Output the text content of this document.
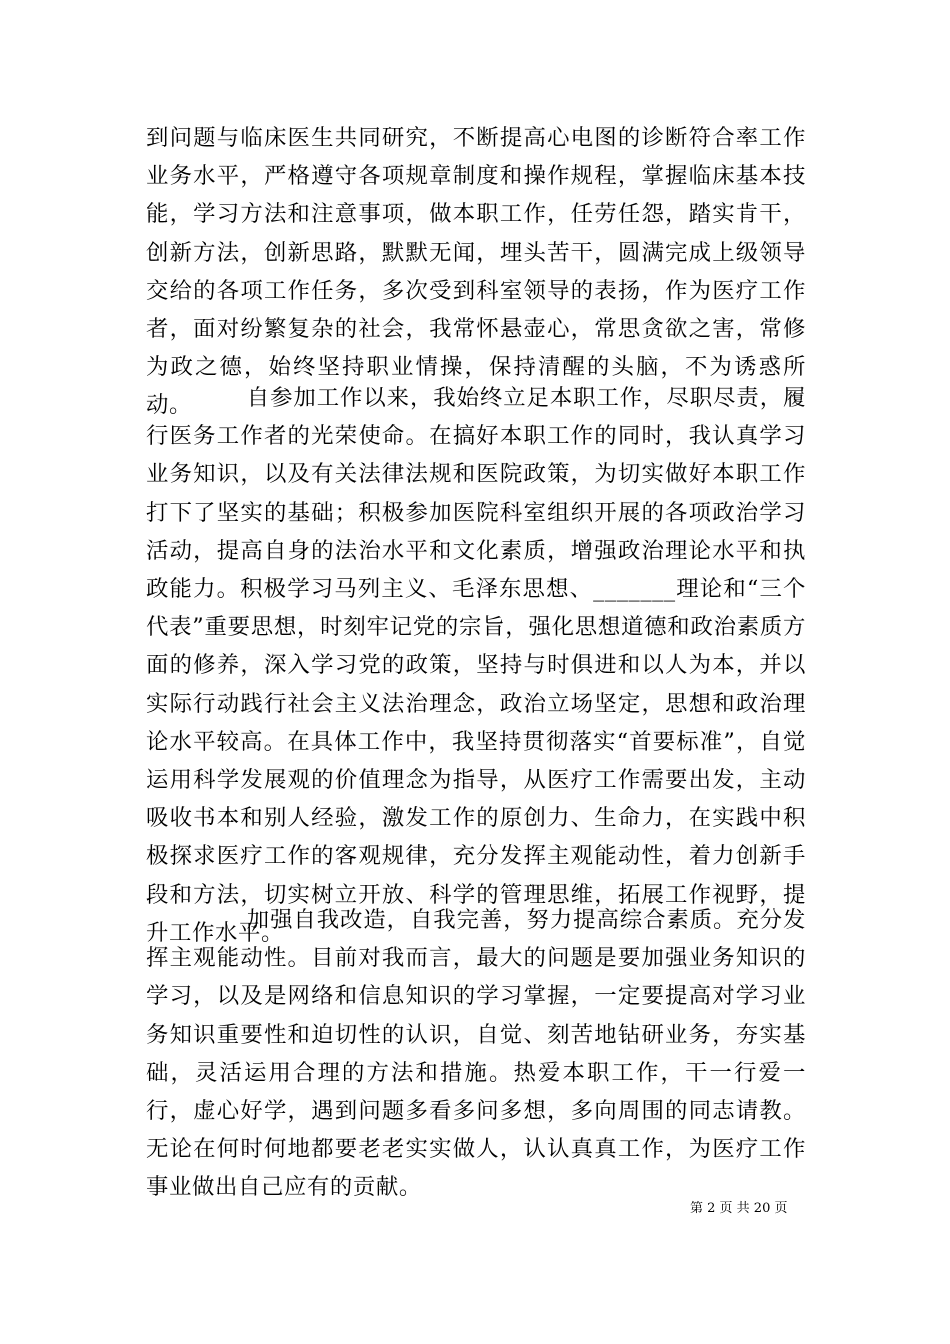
到问题与临床医生共同研究，不断提高心电图的诊断符合率工作业务水平，严格遵守各项规章制度和操作规程，掌握临床基本技能，学习方法和注意事项，做本职工作，任劳任怨，踏实肯干，创新方法，创新思路，默默无闻，埋头苦干，圆满完成上级领导交给的各项工作任务，多次受到科室领导的表扬，作为医疗工作者，面对纷繁复杂的社会，我常怀悬壶心，常思贪欲之害，常修为政之德，始终坚持职业情操，保持清醒的头脑，不为诱惑所动。	自参加工作以来，我始终立足本职工作，尽职尽责，履行医务工作者的光荣使命。在搞好本职工作的同时，我认真学习业务知识，以及有关法律法规和医院政策，为切实做好本职工作打下了坚实的基础；积极参加医院科室组织开展的各项政治学习活动，提高自身的法治水平和文化素质，增强政治理论水平和执政能力。积极学习马列主义、毛泽东思想、_______理论和“三个代表”重要思想，时刻牢记党的宗旨，强化思想道德和政治素质方面的修养，深入学习党的政策，坚持与时俱进和以人为本，并以实际行动践行社会主义法治理念，政治立场坚定，思想和政治理论水平较高。在具体工作中，我坚持贯彻落实“首要标准”，自觉运用科学发展观的价值理念为指导，从医疗工作需要出发，主动吸收书本和别人经验，激发工作的原创力、生命力，在实践中积极探求医疗工作的客观规律，充分发挥主观能动性，着力创新手段和方法，切实树立开放、科学的管理思维，拓展工作视野，提升工作水平。

加强自我改造，自我完善，努力提高综合素质。充分发挥主观能动性。目前对我而言，最大的问题是要加强业务知识的学习，以及是网络和信息知识的学习掌握，一定要提高对学习业务知识重要性和迫切性的认识，自觉、刻苦地钻研业务，夯实基础，灵活运用合理的方法和措施。热爱本职工作，干一行爱一行，虚心好学，遇到问题多看多问多想，多向周围的同志请教。无论在何时何地都要老老实实做人，认认真真工作，为医疗工作事业做出自己应有的贡献。

第 2 页 共 20 页
